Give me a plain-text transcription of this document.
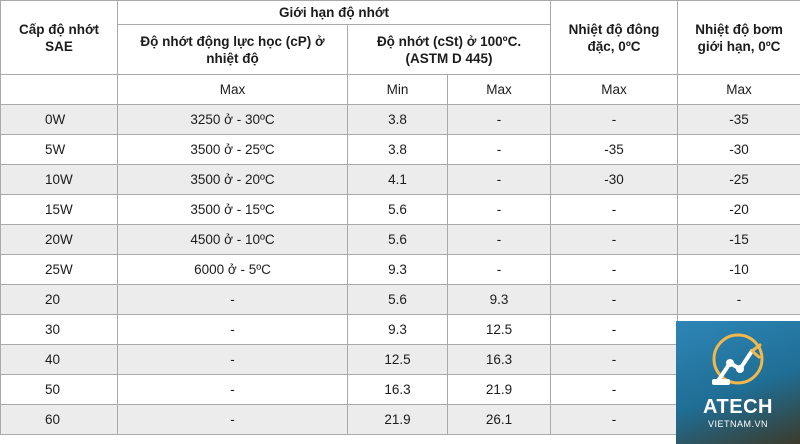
Cấp độ nhớt SAE	Giới hạn độ nhớt			Nhiệt độ đông đặc, 0ºC	Nhiệt độ bơm giới hạn, 0ºC
	Độ nhớt động lực học (cP) ở nhiệt độ	Độ nhớt (cSt) ở 100ºC. (ASTM D 445)			
	Max	Min	Max	Max	Max
0W	3250 ở - 30ºC	3.8	-	-	-35
5W	3500 ở - 25ºC	3.8	-	-35	-30
10W	3500 ở - 20ºC	4.1	-	-30	-25
15W	3500 ở - 15ºC	5.6	-	-	-20
20W	4500 ở - 10ºC	5.6	-	-	-15
25W	6000 ở - 5ºC	9.3	-	-	-10
20	-	5.6	9.3	-	-
30	-	9.3	12.5	-	
40	-	12.5	16.3	-	
50	-	16.3	21.9	-	
60	-	21.9	26.1	-	
ATECH
VIETNAM.VN
